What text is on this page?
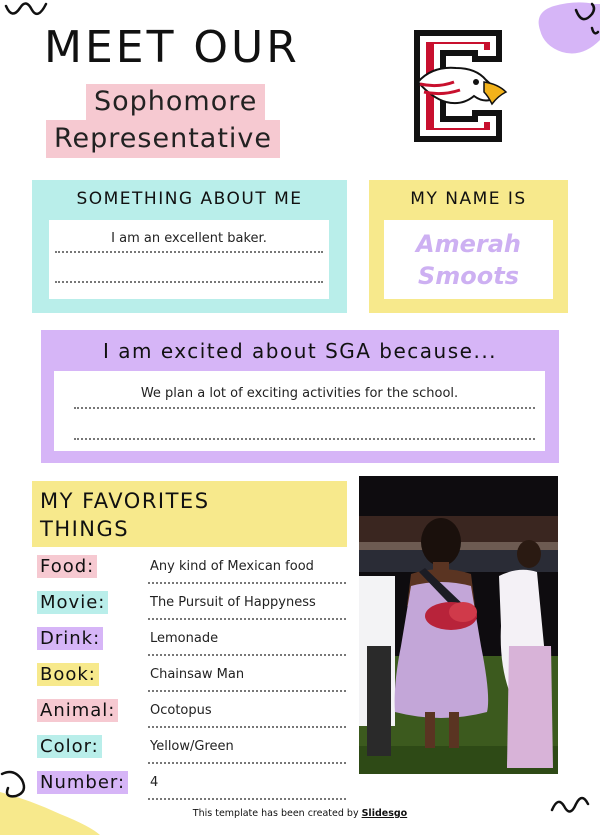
MEET OUR
Sophomore
Representative
SOMETHING ABOUT ME
I am an excellent baker.
MY NAME IS
Amerah
Smoots
I am excited about SGA because...
We plan a lot of exciting activities for the school.
MY FAVORITES
THINGS
Food:	Any kind of Mexican food
Movie:	The Pursuit of Happyness
Drink:	Lemonade
Book:	Chainsaw Man
Animal:	Ocotopus
Color:	Yellow/Green
Number: 4
This template has been created by Slidesgo
